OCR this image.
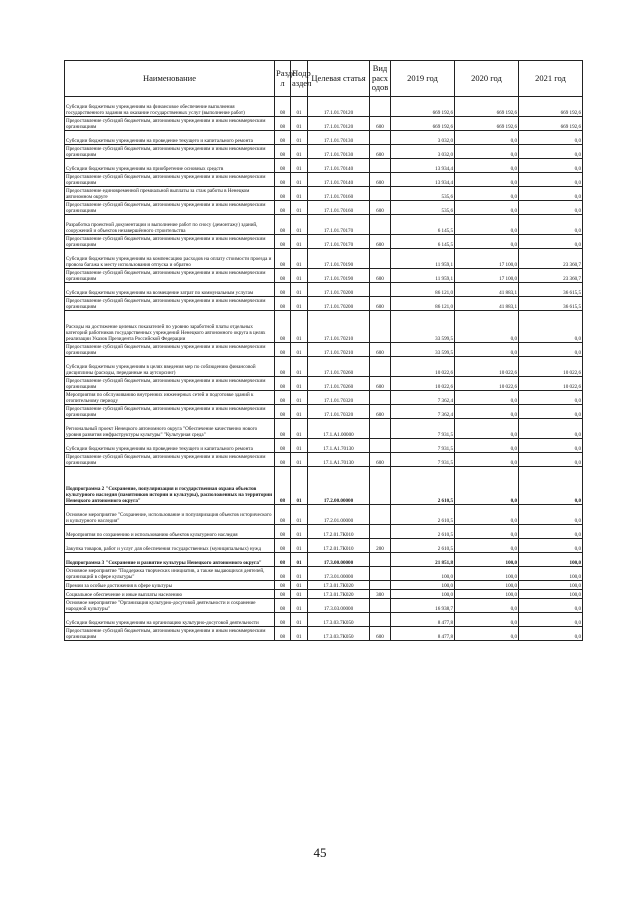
Наименование	Разде л	Подр аздел	Целевая статья	Вид расх одов	2019 год	2020 год	2021 год
Субсидии бюджетным учреждениям на финансовое обеспечение выполнения государственного задания на оказание государственных услуг (выполнение работ)	08	01	17.1.01.70120		669 192,6	669 192,6	669 192,6
Предоставление субсидий бюджетным, автономным учреждениям и иным некоммерческим организациям	08	01	17.1.01.70120	600	669 192,6	669 192,6	669 192,6
Субсидии бюджетным учреждениям на проведение текущего и капитального ремонта	08	01	17.1.01.70130		3 032,0	0,0	0,0
Предоставление субсидий бюджетным, автономным учреждениям и иным некоммерческим организациям	08	01	17.1.01.70130	600	3 032,0	0,0	0,0
Субсидии бюджетным учреждениям на приобретение основных средств	08	01	17.1.01.70140		13 934,4	0,0	0,0
Предоставление субсидий бюджетным, автономным учреждениям и иным некоммерческим организациям	08	01	17.1.01.70140	600	13 934,4	0,0	0,0
Предоставление единовременной премиальной выплаты за стаж работы в Ненецком автономном округе	08	01	17.1.01.70160		535,6	0,0	0,0
Предоставление субсидий бюджетным, автономным учреждениям и иным некоммерческим организациям	08	01	17.1.01.70160	600	535,6	0,0	0,0
Разработка проектной документации и выполнение работ по сносу (демонтажу) зданий, сооружений и объектов незавершённого строительства	08	01	17.1.01.70170		6 145,5	0,0	0,0
Предоставление субсидий бюджетным, автономным учреждениям и иным некоммерческим организациям	08	01	17.1.01.70170	600	6 145,5	0,0	0,0
Субсидии бюджетным учреждениям на компенсацию расходов на оплату стоимости проезда и провоза багажа к месту использования отпуска и обратно	08	01	17.1.01.70190		11 959,1	17 100,0	23 360,7
Предоставление субсидий бюджетным, автономным учреждениям и иным некоммерческим организациям	08	01	17.1.01.70190	600	11 959,1	17 100,0	23 360,7
Субсидии бюджетным учреждениям на возмещение затрат по коммунальным услугам	08	01	17.1.01.70200		86 121,0	41 883,1	36 615,5
Предоставление субсидий бюджетным, автономным учреждениям и иным некоммерческим организациям	08	01	17.1.01.70200	600	86 121,0	41 883,1	36 615,5
Расходы на достижение целевых показателей по уровню заработной платы отдельных категорий работников государственных учреждений Ненецкого автономного округа в целях реализации Указов Президента Российской Федерации	08	01	17.1.01.70210		33 599,5	0,0	0,0
Предоставление субсидий бюджетным, автономным учреждениям и иным некоммерческим организациям	08	01	17.1.01.70210	600	33 599,5	0,0	0,0
Субсидии бюджетным учреждениям в целях введения мер по соблюдению финансовой дисциплины (расходы, переданные на аутсорсинг)	08	01	17.1.01.70260		10 022,6	10 022,6	10 022,6
Предоставление субсидий бюджетным, автономным учреждениям и иным некоммерческим организациям	08	01	17.1.01.70260	600	10 022,6	10 022,6	10 022,6
Мероприятия по обслуживанию внутренних инженерных сетей и подготовке зданий к отопительному периоду	08	01	17.1.01.70320		7 362,4	0,0	0,0
Предоставление субсидий бюджетным, автономным учреждениям и иным некоммерческим организациям	08	01	17.1.01.70320	600	7 362,4	0,0	0,0
Региональный проект Ненецкого автономного округа "Обеспечение качественно нового уровня развития инфраструктуры культуры" "Культурная среда"	08	01	17.1.A1.00000		7 931,5	0,0	0,0
Субсидии бюджетным учреждениям на проведение текущего и капитального ремонта	08	01	17.1.A1.70130		7 931,5	0,0	0,0
Предоставление субсидий бюджетным, автономным учреждениям и иным некоммерческим организациям	08	01	17.1.A1.70130	600	7 931,5	0,0	0,0
Подпрограмма 2 "Сохранение, популяризация и государственная охрана объектов культурного наследия (памятников истории и культуры), расположенных на территории Ненецкого автономного округа"	08	01	17.2.00.00000		2 610,5	0,0	0,0
Основное мероприятие "Сохранение, использование и популяризация объектов исторического и культурного наследия"	08	01	17.2.01.00000		2 610,5	0,0	0,0
Мероприятия по сохранению и использованию объектов культурного наследия	08	01	17.2.01.7К010		2 610,5	0,0	0,0
Закупка товаров, работ и услуг для обеспечения государственных (муниципальных) нужд	08	01	17.2.01.7К010	200	2 610,5	0,0	0,0
Подпрограмма 3 "Сохранение и развитие культуры Ненецкого автономного округа"	08	01	17.3.00.00000		21 851,8	100,0	100,0
Основное мероприятие "Поддержка творческих инициатив, а также выдающихся деятелей, организаций в сфере культуры"	08	01	17.3.01.00000		100,0	100,0	100,0
Премии за особые достижения в сфере культуры	08	01	17.3.01.7К020		100,0	100,0	100,0
Социальное обеспечение и иные выплаты населению	08	01	17.3.01.7К020	300	100,0	100,0	100,0
Основное мероприятие "Организация культурно-досуговой деятельности и сохранение народной культуры"	08	01	17.3.03.00000		16 938,7	0,0	0,0
Субсидии бюджетным учреждениям на организацию культурно-досуговой деятельности	08	01	17.3.03.7К050		8 477,8	0,0	0,0
Предоставление субсидий бюджетным, автономным учреждениям и иным некоммерческим организациям	08	01	17.3.03.7К050	600	8 477,8	0,0	0,0
45
